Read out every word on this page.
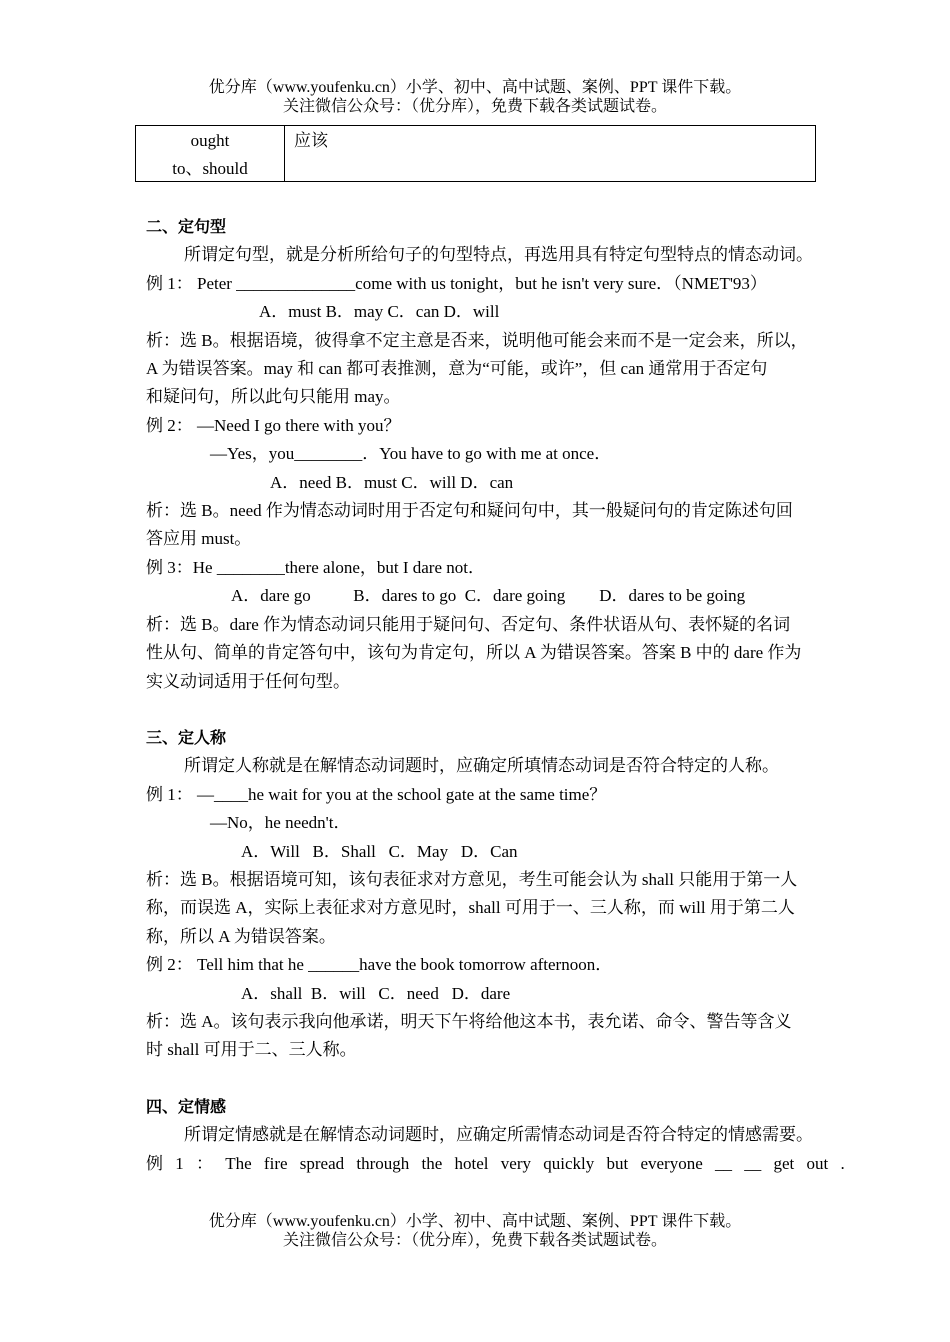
优分库（www.youfenku.cn）小学、初中、高中试题、案例、PPT 课件下载。
关注微信公众号：（优分库），免费下载各类试题试卷。
ought
to、should
应该
二、定句型
所谓定句型，就是分析所给句子的句型特点，再选用具有特定句型特点的情态动词。
例 1： Peter ______________come with us tonight，but he isn't very sure．（NMET'93）
A．must B．may C．can D．will
析：选 B。根据语境，彼得拿不定主意是否来，说明他可能会来而不是一定会来，所以，
A 为错误答案。may 和 can 都可表推测，意为“可能，或许”，但 can 通常用于否定句
和疑问句，所以此句只能用 may。
例 2： —Need I go there with you？
—Yes，you________．You have to go with me at once．
A．need B．must C．will D．can
析：选 B。need 作为情态动词时用于否定句和疑问句中，其一般疑问句的肯定陈述句回
答应用 must。
例 3：He ________there alone，but I dare not．
A．dare go          B．dares to go  C．dare going        D．dares to be going
析：选 B。dare 作为情态动词只能用于疑问句、否定句、条件状语从句、表怀疑的名词
性从句、简单的肯定答句中，该句为肯定句，所以 A 为错误答案。答案 B 中的 dare 作为
实义动词适用于任何句型。
三、定人称
所谓定人称就是在解情态动词题时，应确定所填情态动词是否符合特定的人称。
例 1： —____he wait for you at the school gate at the same time？
—No，he needn't．
A．Will   B．Shall   C．May   D．Can
析：选 B。根据语境可知，该句表征求对方意见，考生可能会认为 shall 只能用于第一人
称，而误选 A，实际上表征求对方意见时，shall 可用于一、三人称，而 will 用于第二人
称，所以 A 为错误答案。
例 2： Tell him that he ______have the book tomorrow afternoon．
A．shall  B．will   C．need   D．dare
析：选 A。该句表示我向他承诺，明天下午将给他这本书，表允诺、命令、警告等含义
时 shall 可用于二、三人称。
四、定情感
所谓定情感就是在解情态动词题时，应确定所需情态动词是否符合特定的情感需要。
例 1 ： The fire spread through the hotel very quickly but everyone __ __ get out .
优分库（www.youfenku.cn）小学、初中、高中试题、案例、PPT 课件下载。
关注微信公众号：（优分库），免费下载各类试题试卷。
